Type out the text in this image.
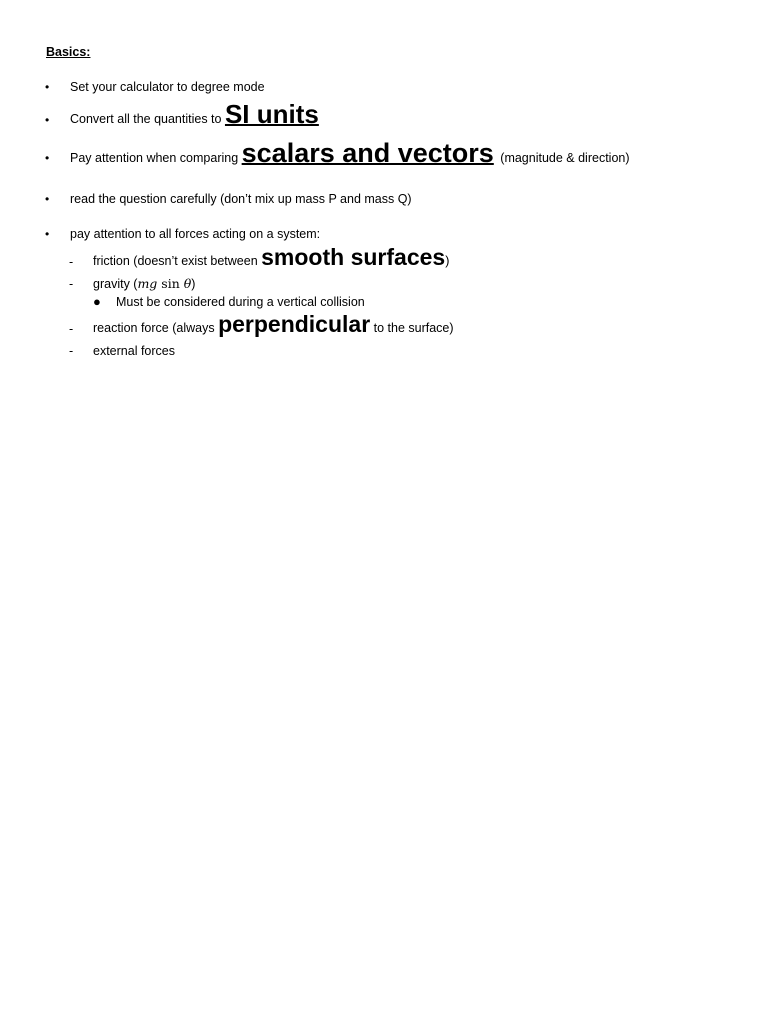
Basics:
• Set your calculator to degree mode
• Convert all the quantities to SI units
• Pay attention when comparing scalars and vectors (magnitude & direction)
• read the question carefully (don’t mix up mass P and mass Q)
• pay attention to all forces acting on a system:
- friction (doesn’t exist between smooth surfaces)
- gravity (mg sin θ)
● Must be considered during a vertical collision
- reaction force (always perpendicular to the surface)
- external forces
